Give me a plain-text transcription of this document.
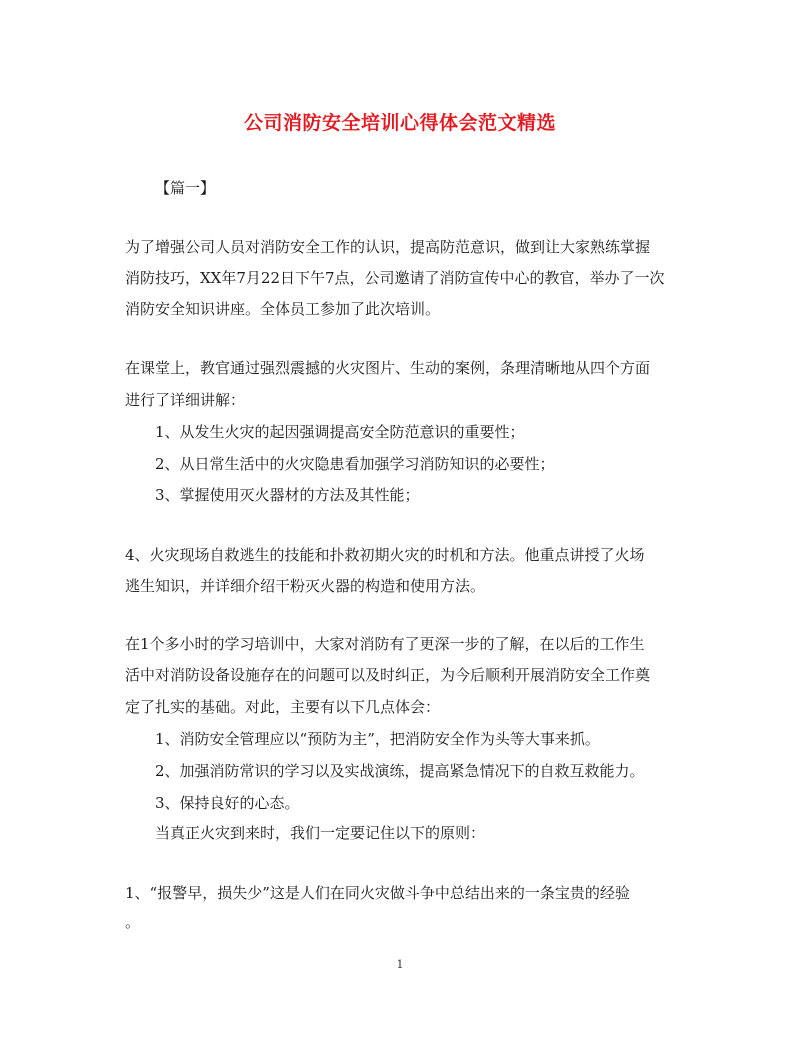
公司消防安全培训心得体会范文精选

【篇一】

为了增强公司人员对消防安全工作的认识，提高防范意识，做到让大家熟练掌握

消防技巧，XX年7月22日下午7点，公司邀请了消防宣传中心的教官，举办了一次

消防安全知识讲座。全体员工参加了此次培训。

在课堂上，教官通过强烈震撼的火灾图片、生动的案例，条理清晰地从四个方面

进行了详细讲解：

1、从发生火灾的起因强调提高安全防范意识的重要性；

2、从日常生活中的火灾隐患看加强学习消防知识的必要性；

3、掌握使用灭火器材的方法及其性能；

4、火灾现场自救逃生的技能和扑救初期火灾的时机和方法。他重点讲授了火场

逃生知识，并详细介绍干粉灭火器的构造和使用方法。

在1个多小时的学习培训中，大家对消防有了更深一步的了解，在以后的工作生

活中对消防设备设施存在的问题可以及时纠正，为今后顺利开展消防安全工作奠

定了扎实的基础。对此，主要有以下几点体会：

1、消防安全管理应以“预防为主”，把消防安全作为头等大事来抓。

2、加强消防常识的学习以及实战演练，提高紧急情况下的自救互救能力。

3、保持良好的心态。

当真正火灾到来时，我们一定要记住以下的原则：

1、“报警早，损失少”这是人们在同火灾做斗争中总结出来的一条宝贵的经验

。

1
